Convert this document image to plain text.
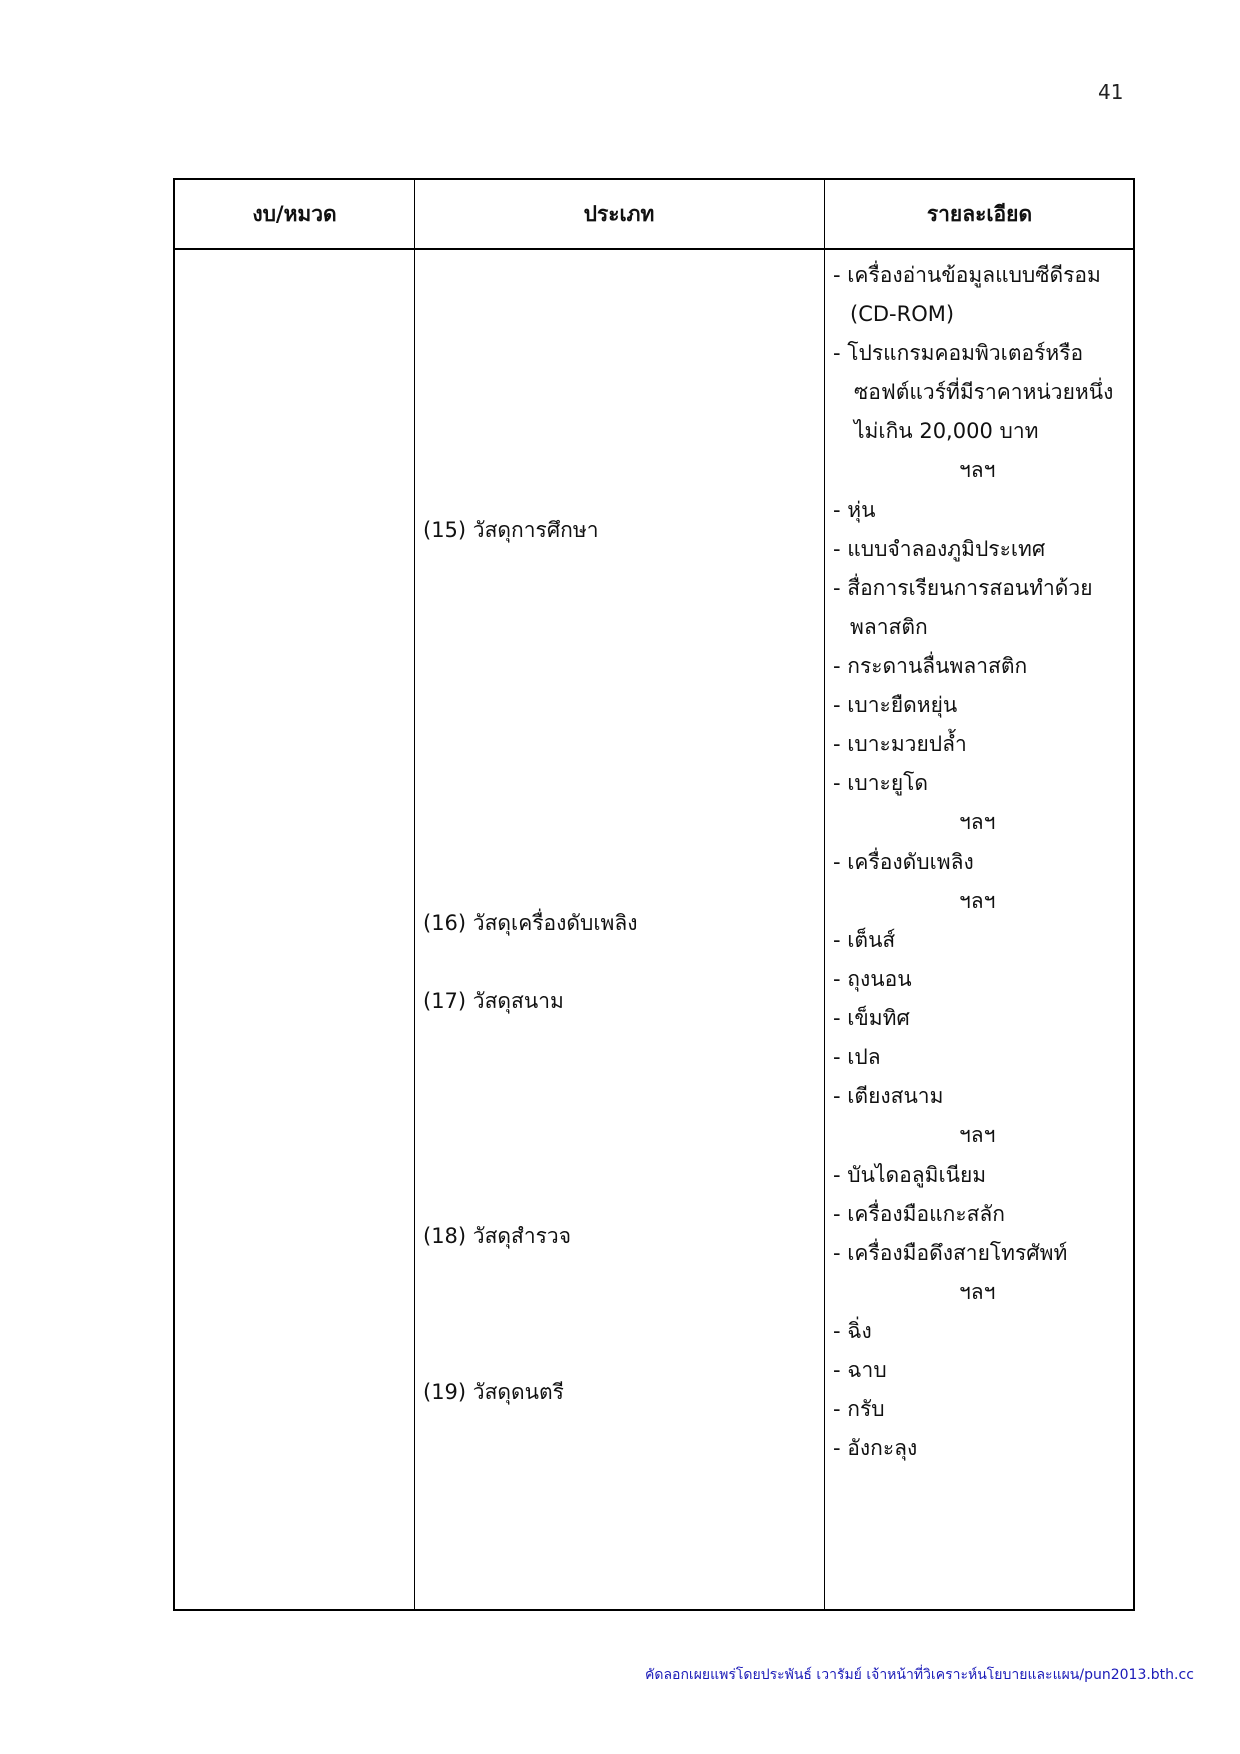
41
งบ/หมวด	ประเภท	รายละเอียด
(15) วัสดุการศึกษา
(16) วัสดุเครื่องดับเพลิง
(17) วัสดุสนาม
(18) วัสดุสำรวจ
(19) วัสดุดนตรี
- เครื่องอ่านข้อมูลแบบซีดีรอม
(CD-ROM)
- โปรแกรมคอมพิวเตอร์หรือ
ซอฟต์แวร์ที่มีราคาหน่วยหนึ่ง
ไม่เกิน 20,000 บาท
ฯลฯ
- หุ่น
- แบบจำลองภูมิประเทศ
- สื่อการเรียนการสอนทำด้วย
พลาสติก
- กระดานลื่นพลาสติก
- เบาะยืดหยุ่น
- เบาะมวยปล้ำ
- เบาะยูโด
ฯลฯ
- เครื่องดับเพลิง
ฯลฯ
- เต็นส์
- ถุงนอน
- เข็มทิศ
- เปล
- เตียงสนาม
ฯลฯ
- บันไดอลูมิเนียม
- เครื่องมือแกะสลัก
- เครื่องมือดึงสายโทรศัพท์
ฯลฯ
- ฉิ่ง
- ฉาบ
- กรับ
- อังกะลุง
คัดลอกเผยแพร่โดยประพันธ์ เวารัมย์ เจ้าหน้าที่วิเคราะห์นโยบายและแผน/pun2013.bth.cc
